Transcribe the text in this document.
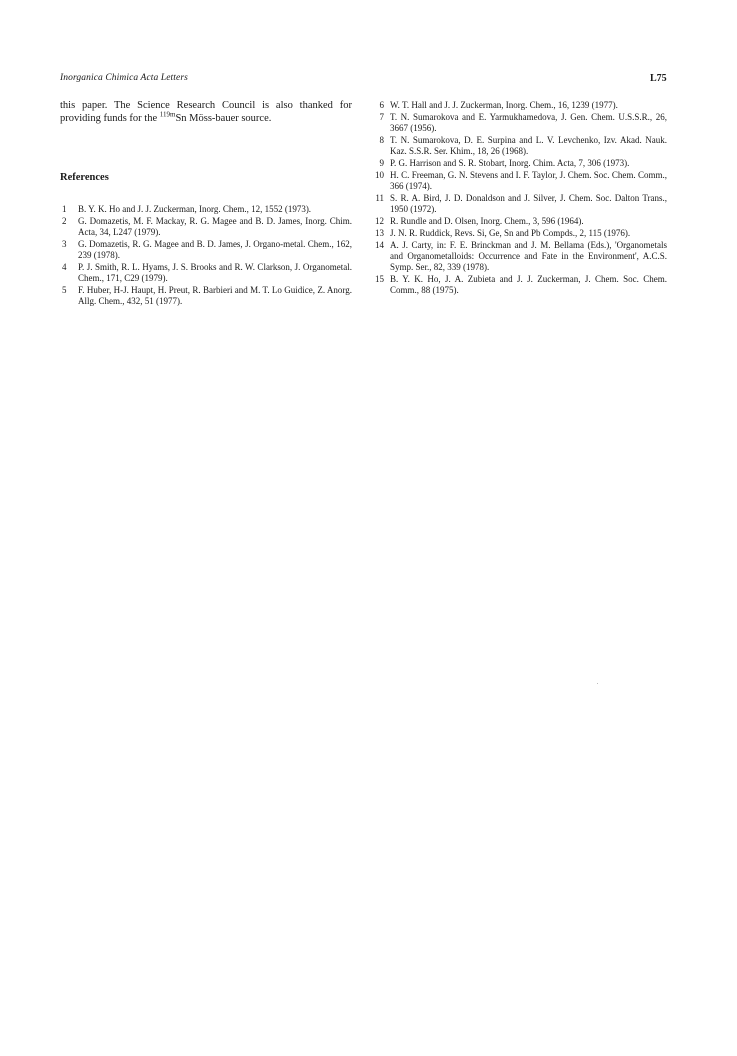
Inorganica Chimica Acta Letters	L75

this paper. The Science Research Council is also thanked for providing funds for the $^{119m}$Sn Möss-bauer source.

References
1	B. Y. K. Ho and J. J. Zuckerman, Inorg. Chem., 12, 1552 (1973).
2	G. Domazetis, M. F. Mackay, R. G. Magee and B. D. James, Inorg. Chim. Acta, 34, L247 (1979).
3	G. Domazetis, R. G. Magee and B. D. James, J. Organo-metal. Chem., 162, 239 (1978).
4	P. J. Smith, R. L. Hyams, J. S. Brooks and R. W. Clarkson, J. Organometal. Chem., 171, C29 (1979).
5	F. Huber, H-J. Haupt, H. Preut, R. Barbieri and M. T. Lo Guidice, Z. Anorg. Allg. Chem., 432, 51 (1977).
6 W. T. Hall and J. J. Zuckerman, Inorg. Chem., 16, 1239 (1977).
7 T. N. Sumarokova and E. Yarmukhamedova, J. Gen. Chem. U.S.S.R., 26, 3667 (1956).
8 T. N. Sumarokova, D. E. Surpina and L. V. Levchenko, Izv. Akad. Nauk. Kaz. S.S.R. Ser. Khim., 18, 26 (1968).
9 P. G. Harrison and S. R. Stobart, Inorg. Chim. Acta, 7, 306 (1973).
10 H. C. Freeman, G. N. Stevens and I. F. Taylor, J. Chem. Soc. Chem. Comm., 366 (1974).
11 S. R. A. Bird, J. D. Donaldson and J. Silver, J. Chem. Soc. Dalton Trans., 1950 (1972).
12 R. Rundle and D. Olsen, Inorg. Chem., 3, 596 (1964).
13 J. N. R. Ruddick, Revs. Si, Ge, Sn and Pb Compds., 2, 115 (1976).
14 A. J. Carty, in: F. E. Brinckman and J. M. Bellama (Eds.), 'Organometals and Organometalloids: Occurrence and Fate in the Environment', A.C.S. Symp. Ser., 82, 339 (1978).
15 B. Y. K. Ho, J. A. Zubieta and J. J. Zuckerman, J. Chem. Soc. Chem. Comm., 88 (1975).
